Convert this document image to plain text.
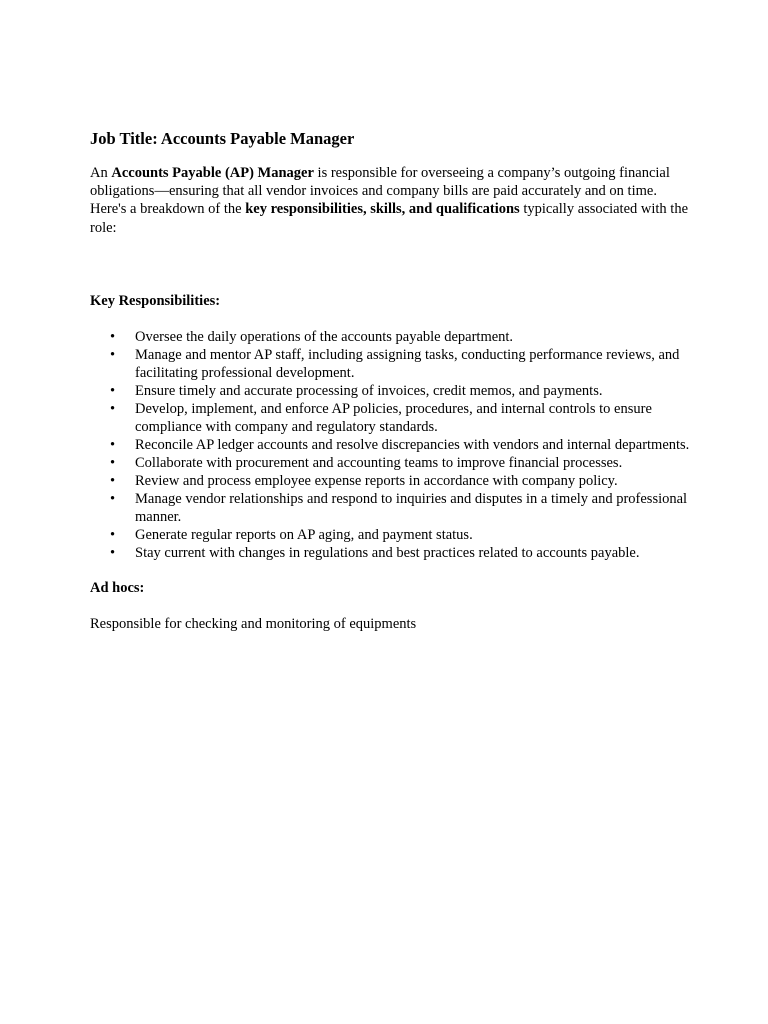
Job Title: Accounts Payable Manager

An Accounts Payable (AP) Manager is responsible for overseeing a company’s outgoing financial obligations—ensuring that all vendor invoices and company bills are paid accurately and on time. Here's a breakdown of the key responsibilities, skills, and qualifications typically associated with the role:

Key Responsibilities:
•	Oversee the daily operations of the accounts payable department.
•	Manage and mentor AP staff, including assigning tasks, conducting performance reviews, and facilitating professional development.
•	Ensure timely and accurate processing of invoices, credit memos, and payments.
•	Develop, implement, and enforce AP policies, procedures, and internal controls to ensure compliance with company and regulatory standards.
•	Reconcile AP ledger accounts and resolve discrepancies with vendors and internal departments.
•	Collaborate with procurement and accounting teams to improve financial processes.
•	Review and process employee expense reports in accordance with company policy.
•	Manage vendor relationships and respond to inquiries and disputes in a timely and professional manner.
•	Generate regular reports on AP aging, and payment status.
•	Stay current with changes in regulations and best practices related to accounts payable.
Ad hocs:

Responsible for checking and monitoring of equipments
